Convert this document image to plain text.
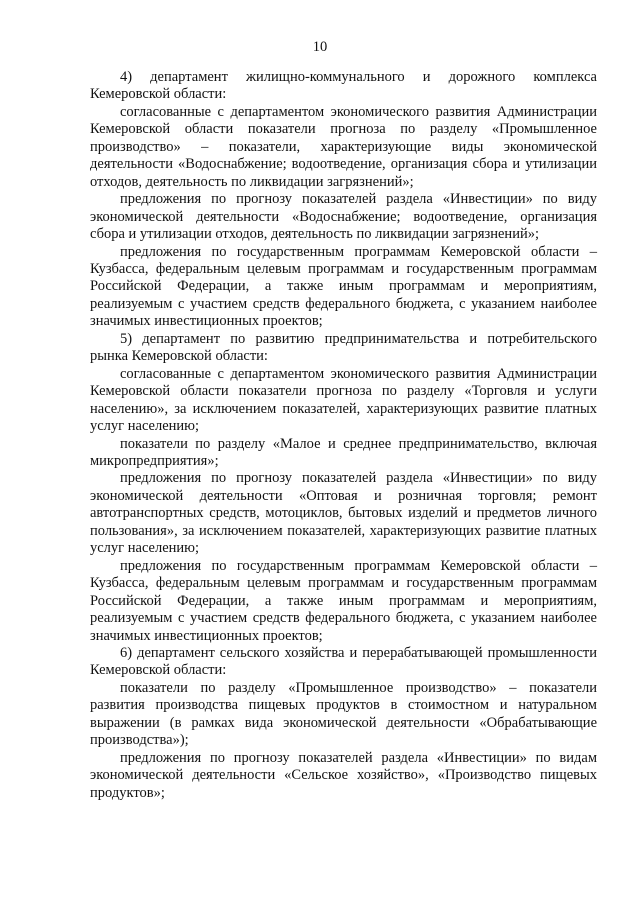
10

4) департамент жилищно-коммунального и дорожного комплекса Кемеровской области:

согласованные с департаментом экономического развития Администрации Кемеровской области показатели прогноза по разделу «Промышленное производство» – показатели, характеризующие виды экономической деятельности «Водоснабжение; водоотведение, организация сбора и утилизации отходов, деятельность по ликвидации загрязнений»;

предложения по прогнозу показателей раздела «Инвестиции» по виду экономической деятельности «Водоснабжение; водоотведение, организация сбора и утилизации отходов, деятельность по ликвидации загрязнений»;

предложения по государственным программам Кемеровской области – Кузбасса, федеральным целевым программам и государственным программам Российской Федерации, а также иным программам и мероприятиям, реализуемым с участием средств федерального бюджета, с указанием наиболее значимых инвестиционных проектов;

5) департамент по развитию предпринимательства и потребительского рынка Кемеровской области:

согласованные с департаментом экономического развития Администрации Кемеровской области показатели прогноза по разделу «Торговля и услуги населению», за исключением показателей, характеризующих развитие платных услуг населению;

показатели по разделу «Малое и среднее предпринимательство, включая микропредприятия»;

предложения по прогнозу показателей раздела «Инвестиции» по виду экономической деятельности «Оптовая и розничная торговля; ремонт автотранспортных средств, мотоциклов, бытовых изделий и предметов личного пользования», за исключением показателей, характеризующих развитие платных услуг населению;

предложения по государственным программам Кемеровской области – Кузбасса, федеральным целевым программам и государственным программам Российской Федерации, а также иным программам и мероприятиям, реализуемым с участием средств федерального бюджета, с указанием наиболее значимых инвестиционных проектов;

6) департамент сельского хозяйства и перерабатывающей промышленности Кемеровской области:

показатели по разделу «Промышленное производство» – показатели развития производства пищевых продуктов в стоимостном и натуральном выражении (в рамках вида экономической деятельности «Обрабатывающие производства»);

предложения по прогнозу показателей раздела «Инвестиции» по видам экономической деятельности «Сельское хозяйство», «Производство пищевых продуктов»;
